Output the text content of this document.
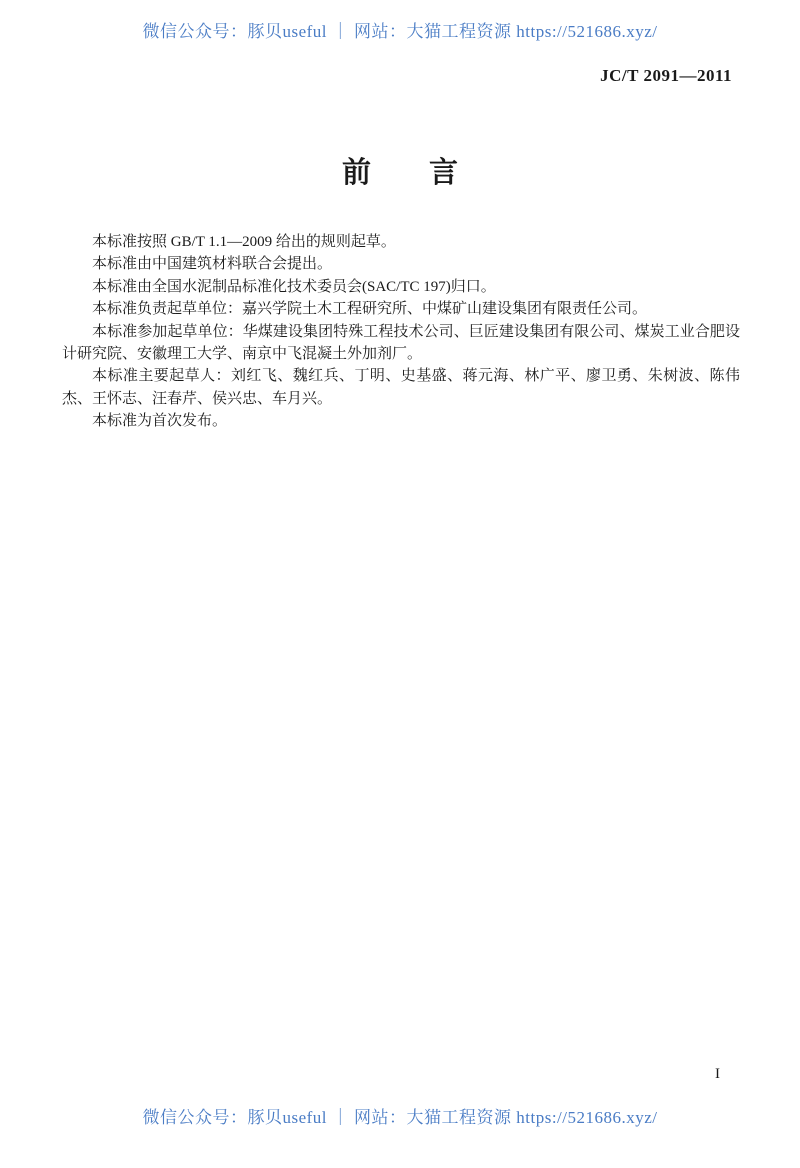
微信公众号：豚贝useful ｜ 网站：大猫工程资源 https://521686.xyz/
JC/T 2091—2011
前　　言

本标准按照 GB/T 1.1—2009 给出的规则起草。

本标准由中国建筑材料联合会提出。

本标准由全国水泥制品标准化技术委员会(SAC/TC 197)归口。

本标准负责起草单位：嘉兴学院土木工程研究所、中煤矿山建设集团有限责任公司。

本标准参加起草单位：华煤建设集团特殊工程技术公司、巨匠建设集团有限公司、煤炭工业合肥设计研究院、安徽理工大学、南京中飞混凝土外加剂厂。

本标准主要起草人：刘红飞、魏红兵、丁明、史基盛、蒋元海、林广平、廖卫勇、朱树波、陈伟杰、王怀志、汪春芹、侯兴忠、车月兴。

本标准为首次发布。

I
微信公众号：豚贝useful ｜ 网站：大猫工程资源 https://521686.xyz/
